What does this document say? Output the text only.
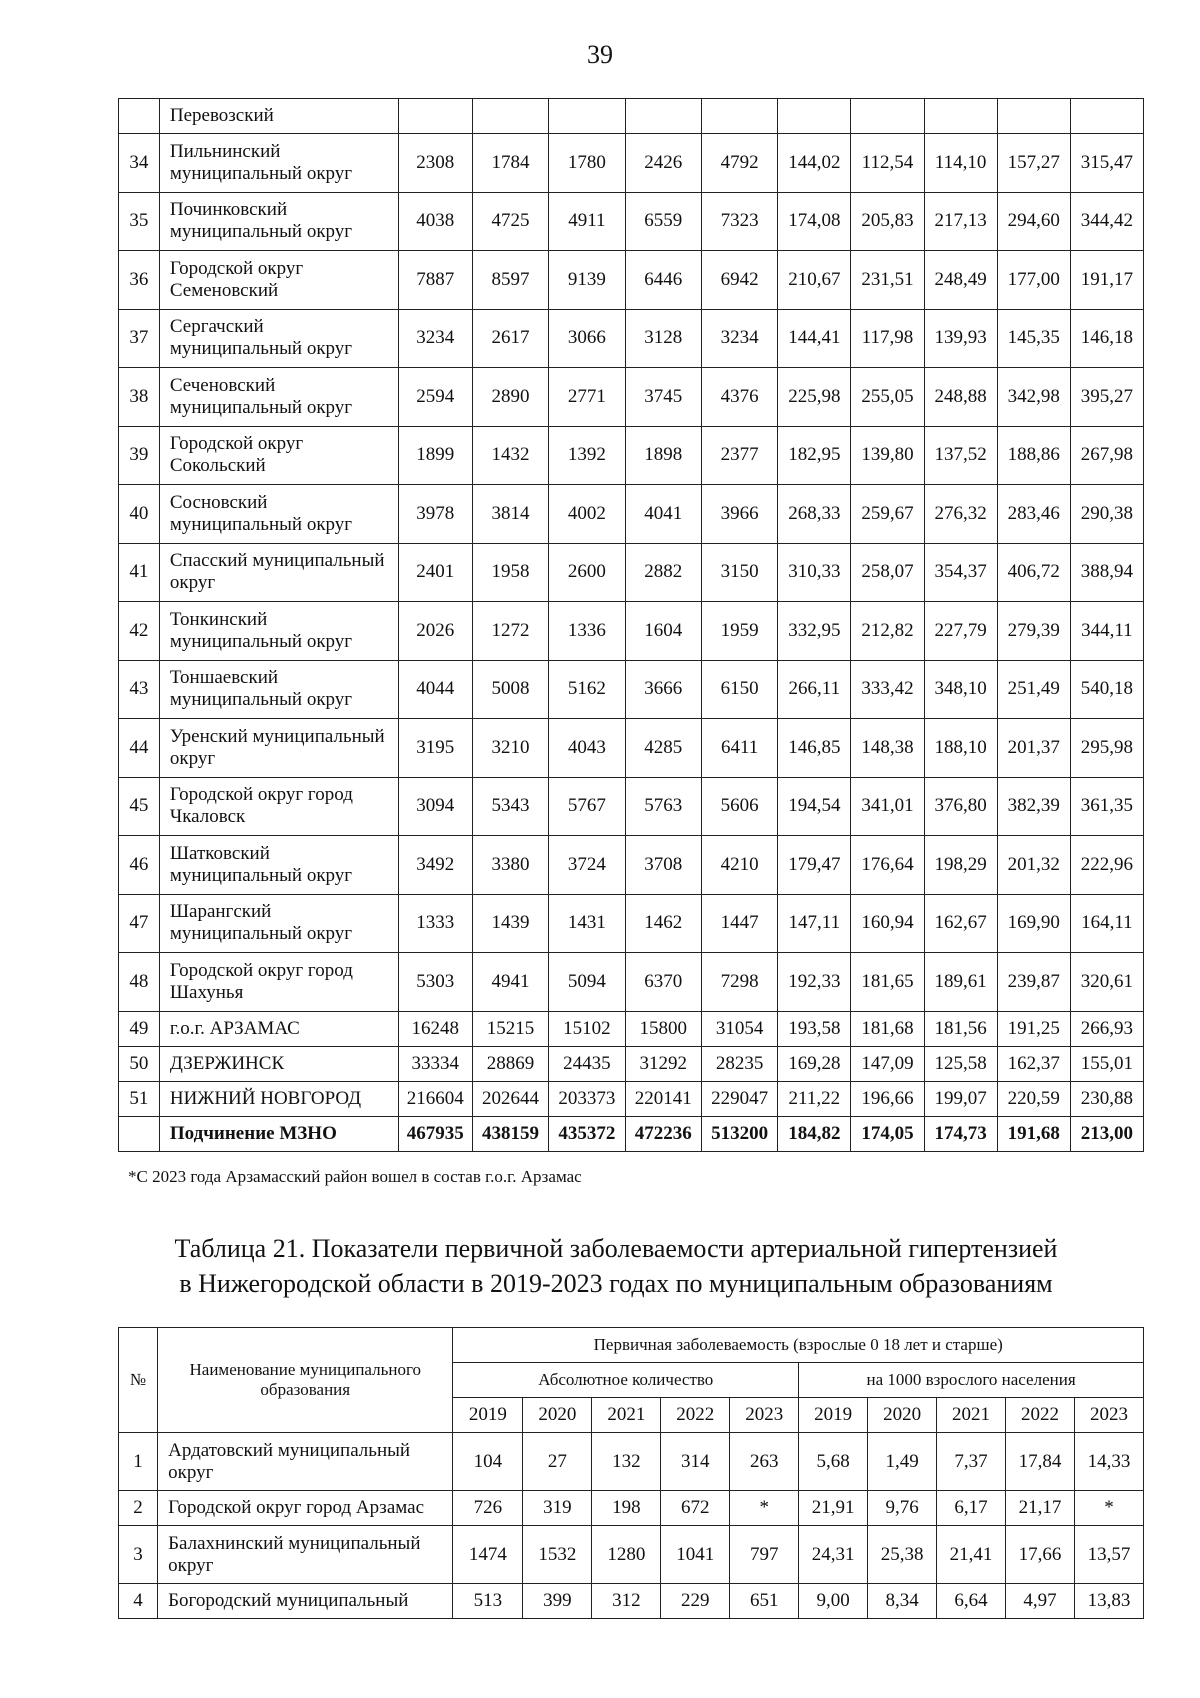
39
	Перевозский										
34	Пильнинский муниципальный округ	2308	1784	1780	2426	4792	144,02	112,54	114,10	157,27	315,47
35	Починковский муниципальный округ	4038	4725	4911	6559	7323	174,08	205,83	217,13	294,60	344,42
36	Городской округ Семеновский	7887	8597	9139	6446	6942	210,67	231,51	248,49	177,00	191,17
37	Сергачский муниципальный округ	3234	2617	3066	3128	3234	144,41	117,98	139,93	145,35	146,18
38	Сеченовский муниципальный округ	2594	2890	2771	3745	4376	225,98	255,05	248,88	342,98	395,27
39	Городской округ Сокольский	1899	1432	1392	1898	2377	182,95	139,80	137,52	188,86	267,98
40	Сосновский муниципальный округ	3978	3814	4002	4041	3966	268,33	259,67	276,32	283,46	290,38
41	Спасский муниципальный округ	2401	1958	2600	2882	3150	310,33	258,07	354,37	406,72	388,94
42	Тонкинский муниципальный округ	2026	1272	1336	1604	1959	332,95	212,82	227,79	279,39	344,11
43	Тоншаевский муниципальный округ	4044	5008	5162	3666	6150	266,11	333,42	348,10	251,49	540,18
44	Уренский муниципальный округ	3195	3210	4043	4285	6411	146,85	148,38	188,10	201,37	295,98
45	Городской округ город Чкаловск	3094	5343	5767	5763	5606	194,54	341,01	376,80	382,39	361,35
46	Шатковский муниципальный округ	3492	3380	3724	3708	4210	179,47	176,64	198,29	201,32	222,96
47	Шарангский муниципальный округ	1333	1439	1431	1462	1447	147,11	160,94	162,67	169,90	164,11
48	Городской округ город Шахунья	5303	4941	5094	6370	7298	192,33	181,65	189,61	239,87	320,61
49	г.о.г. АРЗАМАС	16248	15215	15102	15800	31054	193,58	181,68	181,56	191,25	266,93
50	ДЗЕРЖИНСК	33334	28869	24435	31292	28235	169,28	147,09	125,58	162,37	155,01
51	НИЖНИЙ НОВГОРОД	216604	202644	203373	220141	229047	211,22	196,66	199,07	220,59	230,88
	Подчинение МЗНО	467935	438159	435372	472236	513200	184,82	174,05	174,73	191,68	213,00
*С 2023 года Арзамасский район вошел в состав г.о.г. Арзамас
Таблица 21. Показатели первичной заболеваемости артериальной гипертензией
в Нижегородской области в 2019-2023 годах по муниципальным образованиям
№	Наименование муниципального образования	Первичная заболеваемость (взрослые 0 18 лет и старше)									
		Абсолютное количество					на 1000 взрослого населения				
		2019	2020	2021	2022	2023	2019	2020	2021	2022	2023
1	Ардатовский муниципальный округ	104	27	132	314	263	5,68	1,49	7,37	17,84	14,33
2	Городской округ город Арзамас	726	319	198	672	*	21,91	9,76	6,17	21,17	*
3	Балахнинский муниципальный округ	1474	1532	1280	1041	797	24,31	25,38	21,41	17,66	13,57
4	Богородский муниципальный	513	399	312	229	651	9,00	8,34	6,64	4,97	13,83
